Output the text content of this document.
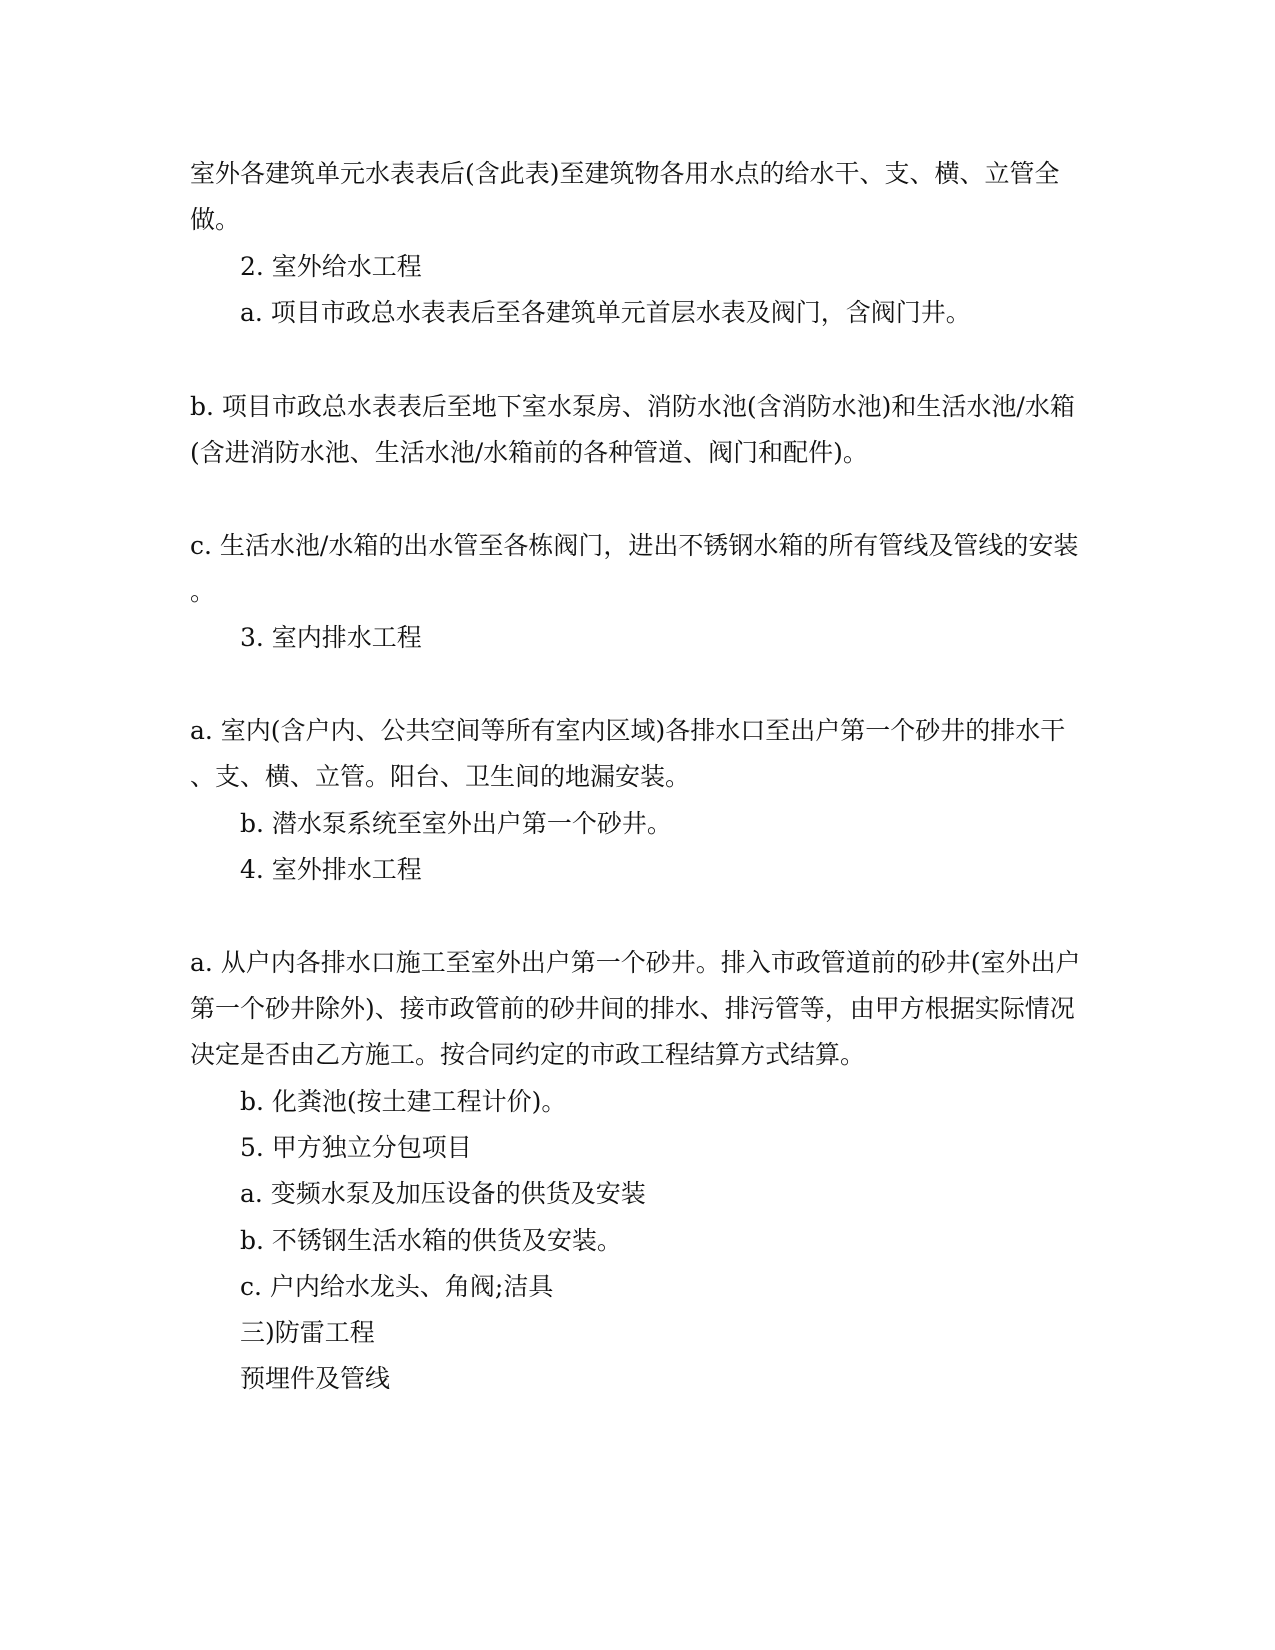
室外各建筑单元水表表后(含此表)至建筑物各用水点的给水干、支、横、立管全
做。
2. 室外给水工程
a. 项目市政总水表表后至各建筑单元首层水表及阀门，含阀门井。
b. 项目市政总水表表后至地下室水泵房、消防水池(含消防水池)和生活水池/水箱
(含进消防水池、生活水池/水箱前的各种管道、阀门和配件)。
c. 生活水池/水箱的出水管至各栋阀门，进出不锈钢水箱的所有管线及管线的安装
。
3. 室内排水工程
a. 室内(含户内、公共空间等所有室内区域)各排水口至出户第一个砂井的排水干
、支、横、立管。阳台、卫生间的地漏安装。
b. 潜水泵系统至室外出户第一个砂井。
4. 室外排水工程
a. 从户内各排水口施工至室外出户第一个砂井。排入市政管道前的砂井(室外出户
第一个砂井除外)、接市政管前的砂井间的排水、排污管等，由甲方根据实际情况
决定是否由乙方施工。按合同约定的市政工程结算方式结算。
b. 化粪池(按土建工程计价)。
5. 甲方独立分包项目
a. 变频水泵及加压设备的供货及安装
b. 不锈钢生活水箱的供货及安装。
c. 户内给水龙头、角阀;洁具
三)防雷工程
预埋件及管线
